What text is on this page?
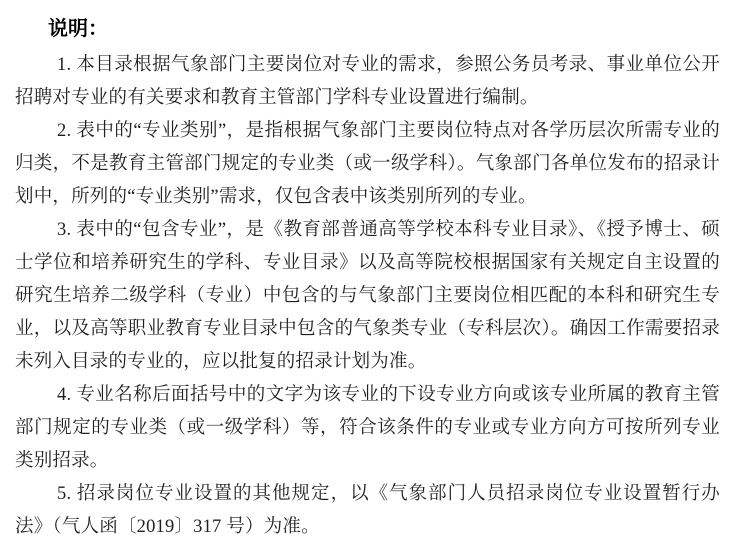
说明：

1. 本目录根据气象部门主要岗位对专业的需求，参照公务员考录、事业单位公开招聘对专业的有关要求和教育主管部门学科专业设置进行编制。

2. 表中的“专业类别”，是指根据气象部门主要岗位特点对各学历层次所需专业的归类，不是教育主管部门规定的专业类（或一级学科）。气象部门各单位发布的招录计划中，所列的“专业类别”需求，仅包含表中该类别所列的专业。

3. 表中的“包含专业”，是《教育部普通高等学校本科专业目录》、《授予博士、硕士学位和培养研究生的学科、专业目录》以及高等院校根据国家有关规定自主设置的研究生培养二级学科（专业）中包含的与气象部门主要岗位相匹配的本科和研究生专业，以及高等职业教育专业目录中包含的气象类专业（专科层次）。确因工作需要招录未列入目录的专业的，应以批复的招录计划为准。

4. 专业名称后面括号中的文字为该专业的下设专业方向或该专业所属的教育主管部门规定的专业类（或一级学科）等，符合该条件的专业或专业方向方可按所列专业类别招录。

5. 招录岗位专业设置的其他规定，以《气象部门人员招录岗位专业设置暂行办法》（气人函〔2019〕317 号）为准。
